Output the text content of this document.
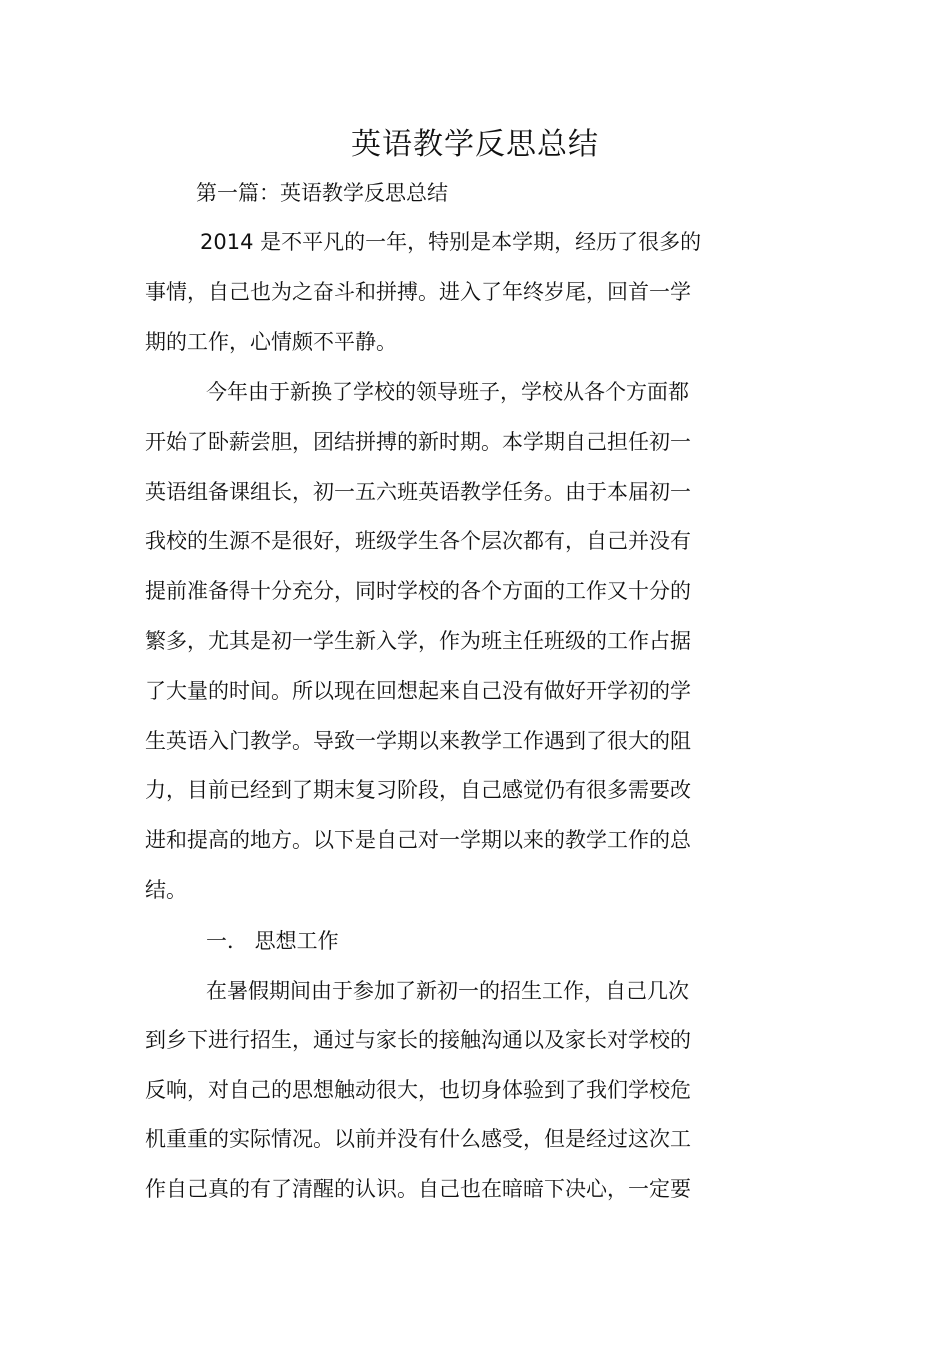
英语教学反思总结
第一篇：英语教学反思总结
2014 是不平凡的一年，特别是本学期，经历了很多的
事情，自己也为之奋斗和拼搏。进入了年终岁尾，回首一学
期的工作，心情颇不平静。
今年由于新换了学校的领导班子，学校从各个方面都
开始了卧薪尝胆，团结拼搏的新时期。本学期自己担任初一
英语组备课组长，初一五六班英语教学任务。由于本届初一
我校的生源不是很好，班级学生各个层次都有，自己并没有
提前准备得十分充分，同时学校的各个方面的工作又十分的
繁多，尤其是初一学生新入学，作为班主任班级的工作占据
了大量的时间。所以现在回想起来自己没有做好开学初的学
生英语入门教学。导致一学期以来教学工作遇到了很大的阻
力，目前已经到了期末复习阶段，自己感觉仍有很多需要改
进和提高的地方。以下是自己对一学期以来的教学工作的总
结。
一． 思想工作
在暑假期间由于参加了新初一的招生工作，自己几次
到乡下进行招生，通过与家长的接触沟通以及家长对学校的
反响，对自己的思想触动很大，也切身体验到了我们学校危
机重重的实际情况。以前并没有什么感受，但是经过这次工
作自己真的有了清醒的认识。自己也在暗暗下决心，一定要
